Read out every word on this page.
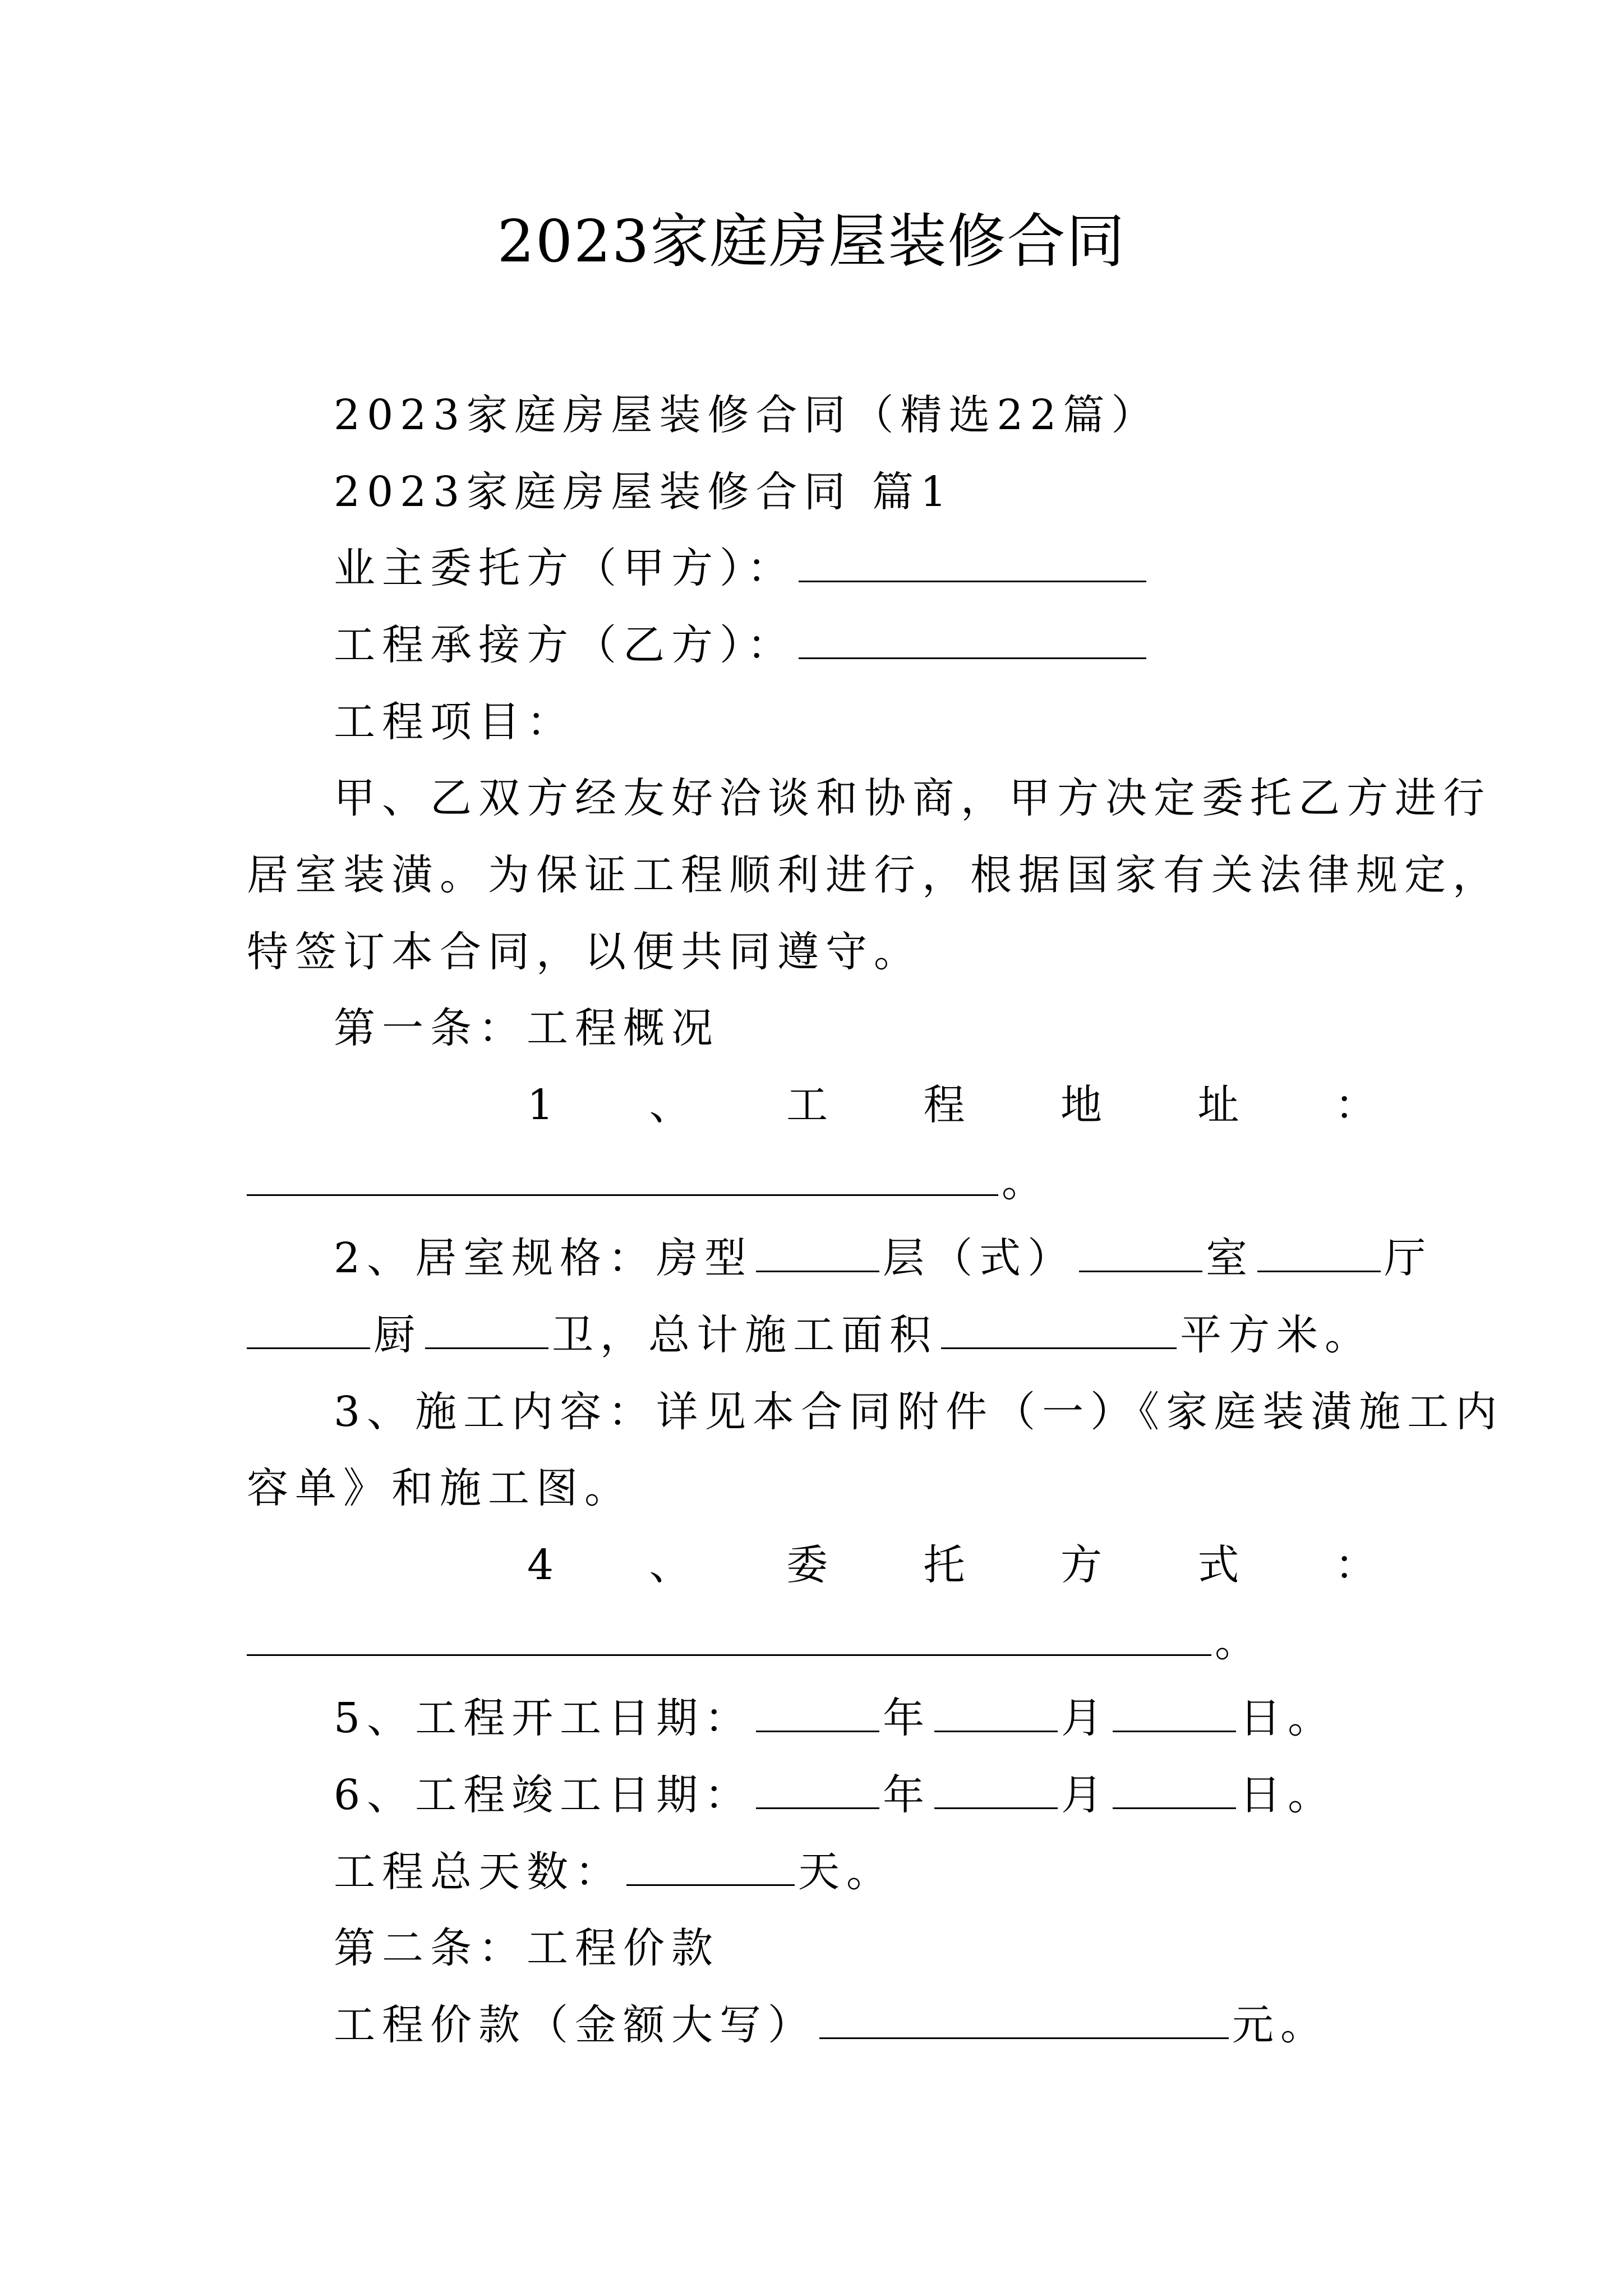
2023家庭房屋装修合同
2023家庭房屋装修合同（精选22篇）
2023家庭房屋装修合同 篇1
业主委托方（甲方）：
工程承接方（乙方）：
工程项目：
甲、乙双方经友好洽谈和协商，甲方决定委托乙方进行
居室装潢。为保证工程顺利进行，根据国家有关法律规定，
特签订本合同，以便共同遵守。
第一条：工程概况
1 、 工 程 地 址 ：
。
2、居室规格：房型	层（式）	室	厅
厨	卫，总计施工面积	平方米。
3、施工内容：详见本合同附件（一）《家庭装潢施工内
容单》和施工图。
4 、 委 托 方 式 ：
。
5、工程开工日期：	年	月	日。
6、工程竣工日期：	年	月	日。
工程总天数：	天。
第二条：工程价款
工程价款（金额大写）	元。
